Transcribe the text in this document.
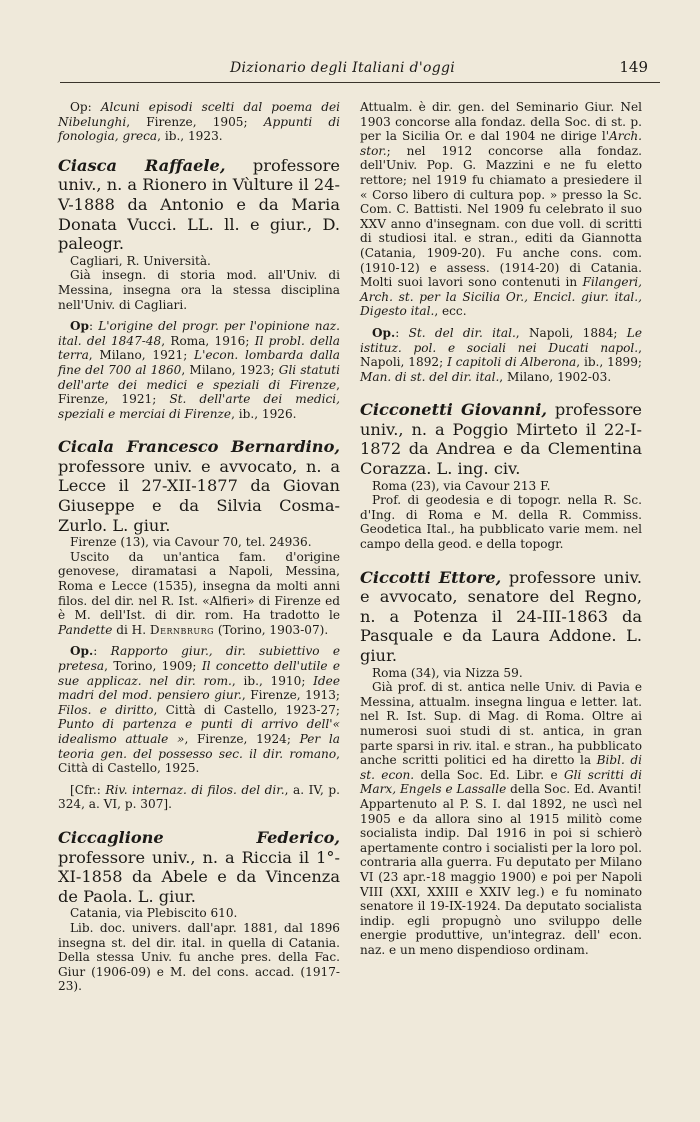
Dizionario degli Italiani d'oggi	149

Op: Alcuni episodi scelti dal poema dei Nibelunghi, Firenze, 1905; Appunti di fonologia, greca, ib., 1923.

Ciasca Raffaele, professore univ., n. a Rionero in Vùlture il 24-V-1888 da Antonio e da Maria Donata Vucci. LL. ll. e giur., D. paleogr.

Cagliari, R. Università.

Già insegn. di storia mod. all'Univ. di Messina, insegna ora la stessa disciplina nell'Univ. di Cagliari.

Op: L'origine del progr. per l'opinione naz. ital. del 1847-48, Roma, 1916; Il probl. della terra, Milano, 1921; L'econ. lombarda dalla fine del 700 al 1860, Milano, 1923; Gli statuti dell'arte dei medici e speziali di Firenze, Firenze, 1921; St. dell'arte dei medici, speziali e merciai di Firenze, ib., 1926.

Cicala Francesco Bernardino, professore univ. e avvocato, n. a Lecce il 27-XII-1877 da Giovan Giuseppe e da Silvia Cosma-Zurlo. L. giur.

Firenze (13), via Cavour 70, tel. 24936.

Uscito da un'antica fam. d'origine genovese, diramatasi a Napoli, Messina, Roma e Lecce (1535), insegna da molti anni filos. del dir. nel R. Ist. «Alfieri» di Firenze ed è M. dell'Ist. di dir. rom. Ha tradotto le Pandette di H. Dernbrurg (Torino, 1903-07).

Op.: Rapporto giur., dir. subiettivo e pretesa, Torino, 1909; Il concetto dell'utile e sue applicaz. nel dir. rom., ib., 1910; Idee madri del mod. pensiero giur., Firenze, 1913; Filos. e diritto, Città di Castello, 1923-27; Punto di partenza e punti di arrivo dell'« idealismo attuale », Firenze, 1924; Per la teoria gen. del possesso sec. il dir. romano, Città di Castello, 1925.

[Cfr.: Riv. internaz. di filos. del dir., a. IV, p. 324, a. VI, p. 307].

Ciccaglione Federico, professore univ., n. a Riccia il 1°-XI-1858 da Abele e da Vincenza de Paola. L. giur.

Catania, via Plebiscito 610.

Lib. doc. univers. dall'apr. 1881, dal 1896 insegna st. del dir. ital. in quella di Catania. Della stessa Univ. fu anche pres. della Fac. Giur (1906-09) e M. del cons. accad. (1917-23).

Attualm. è dir. gen. del Seminario Giur. Nel 1903 concorse alla fondaz. della Soc. di st. p. per la Sicilia Or. e dal 1904 ne dirige l'Arch. stor.; nel 1912 concorse alla fondaz. dell'Univ. Pop. G. Mazzini e ne fu eletto rettore; nel 1919 fu chiamato a presiedere il « Corso libero di cultura pop. » presso la Sc. Com. C. Battisti. Nel 1909 fu celebrato il suo XXV anno d'insegnam. con due voll. di scritti di studiosi ital. e stran., editi da Giannotta (Catania, 1909-20). Fu anche cons. com. (1910-12) e assess. (1914-20) di Catania. Molti suoi lavori sono contenuti in Filangeri, Arch. st. per la Sicilia Or., Encicl. giur. ital., Digesto ital., ecc.

Op.: St. del dir. ital., Napoli, 1884; Le istituz. pol. e sociali nei Ducati napol., Napoli, 1892; I capitoli di Alberona, ib., 1899; Man. di st. del dir. ital., Milano, 1902-03.

Cicconetti Giovanni, professore univ., n. a Poggio Mirteto il 22-I-1872 da Andrea e da Clementina Corazza. L. ing. civ.

Roma (23), via Cavour 213 F.

Prof. di geodesia e di topogr. nella R. Sc. d'Ing. di Roma e M. della R. Commiss. Geodetica Ital., ha pubblicato varie mem. nel campo della geod. e della topogr.

Ciccotti Ettore, professore univ. e avvocato, senatore del Regno, n. a Potenza il 24-III-1863 da Pasquale e da Laura Addone. L. giur.

Roma (34), via Nizza 59.

Già prof. di st. antica nelle Univ. di Pavia e Messina, attualm. insegna lingua e letter. lat. nel R. Ist. Sup. di Mag. di Roma. Oltre ai numerosi suoi studi di st. antica, in gran parte sparsi in riv. ital. e stran., ha pubblicato anche scritti politici ed ha diretto la Bibl. di st. econ. della Soc. Ed. Libr. e Gli scritti di Marx, Engels e Lassalle della Soc. Ed. Avanti! Appartenuto al P. S. I. dal 1892, ne uscì nel 1905 e da allora sino al 1915 militò come socialista indip. Dal 1916 in poi si schierò apertamente contro i socialisti per la loro pol. contraria alla guerra. Fu deputato per Milano VI (23 apr.-18 maggio 1900) e poi per Napoli VIII (XXI, XXIII e XXIV leg.) e fu nominato senatore il 19-IX-1924. Da deputato socialista indip. egli propugnò uno sviluppo delle energie produttive, un'integraz. dell' econ. naz. e un meno dispendioso ordinam.
